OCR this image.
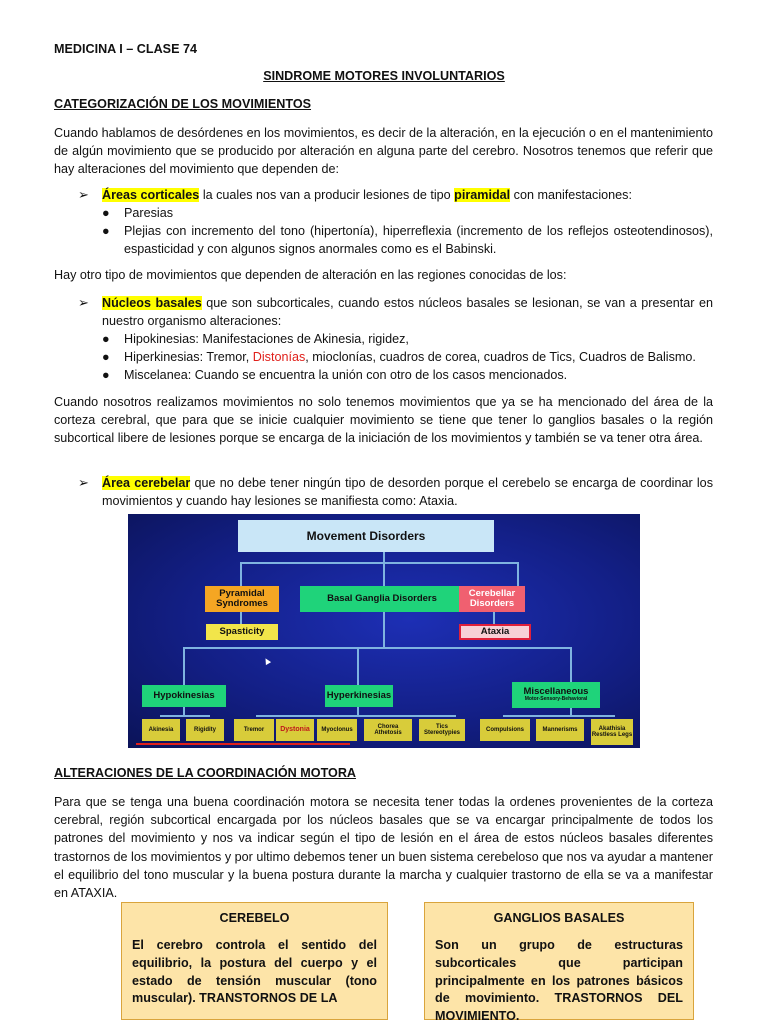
MEDICINA I – CLASE 74
SINDROME MOTORES INVOLUNTARIOS
CATEGORIZACIÓN DE LOS MOVIMIENTOS
Cuando hablamos de desórdenes en los movimientos, es decir de la alteración, en la ejecución o en el mantenimiento de algún movimiento que se producido por alteración en alguna parte del cerebro. Nosotros tenemos que referir que hay alteraciones del movimiento que dependen de:
➢ Áreas corticales la cuales nos van a producir lesiones de tipo piramidal con manifestaciones:
● Paresias
● Plejias con incremento del tono (hipertonía), hiperreflexia (incremento de los reflejos osteotendinosos), espasticidad y con algunos signos anormales como es el Babinski.
Hay otro tipo de movimientos que dependen de alteración en las regiones conocidas de los:
➢ Núcleos basales que son subcorticales, cuando estos núcleos basales se lesionan, se van a presentar en nuestro organismo alteraciones:
● Hipokinesias: Manifestaciones de Akinesia, rigidez,
● Hiperkinesias: Tremor, Distonías, mioclonías, cuadros de corea, cuadros de Tics, Cuadros de Balismo.
● Miscelanea: Cuando se encuentra la unión con otro de los casos mencionados.
Cuando nosotros realizamos movimientos no solo tenemos movimientos que ya se ha mencionado del área de la corteza cerebral, que para que se inicie cualquier movimiento se tiene que tener lo ganglios basales o la región subcortical libere de lesiones porque se encarga de la iniciación de los movimientos y también se va tener otra área.
➢ Área cerebelar que no debe tener ningún tipo de desorden porque el cerebelo se encarga de coordinar los movimientos y cuando hay lesiones se manifiesta como: Ataxia.
Movement Disorders
Pyramidal Syndromes	Basal Ganglia Disorders	Cerebellar Disorders
Spasticity	Ataxia
Hypokinesias	Hyperkinesias	Miscellaneous
Motor-Sensory-Behavioral
Akinesia	Rigidity	Tremor	Dystonia	Myoclonus
Chorea Athetosis
Tics Stereotypies
Compulsions	Mannerisms	Akathisia Restless Legs
ALTERACIONES DE LA COORDINACIÓN MOTORA
Para que se tenga una buena coordinación motora se necesita tener todas la ordenes provenientes de la corteza cerebral, región subcortical encargada por los núcleos basales que se va encargar principalmente de todos los patrones del movimiento y nos va indicar según el tipo de lesión en el área de estos núcleos basales diferentes trastornos de los movimientos y por ultimo debemos tener un buen sistema cerebeloso que nos va ayudar a mantener el equilibrio del tono muscular y la buena postura durante la marcha y cualquier trastorno de ella se va a manifestar en ATAXIA.
CEREBELO
El cerebro controla el sentido del equilibrio, la postura del cuerpo y el estado de tensión muscular (tono muscular). TRANSTORNOS DE LA
GANGLIOS BASALES
Son un grupo de estructuras subcorticales que participan principalmente en los patrones básicos de movimiento. TRASTORNOS DEL MOVIMIENTO.
